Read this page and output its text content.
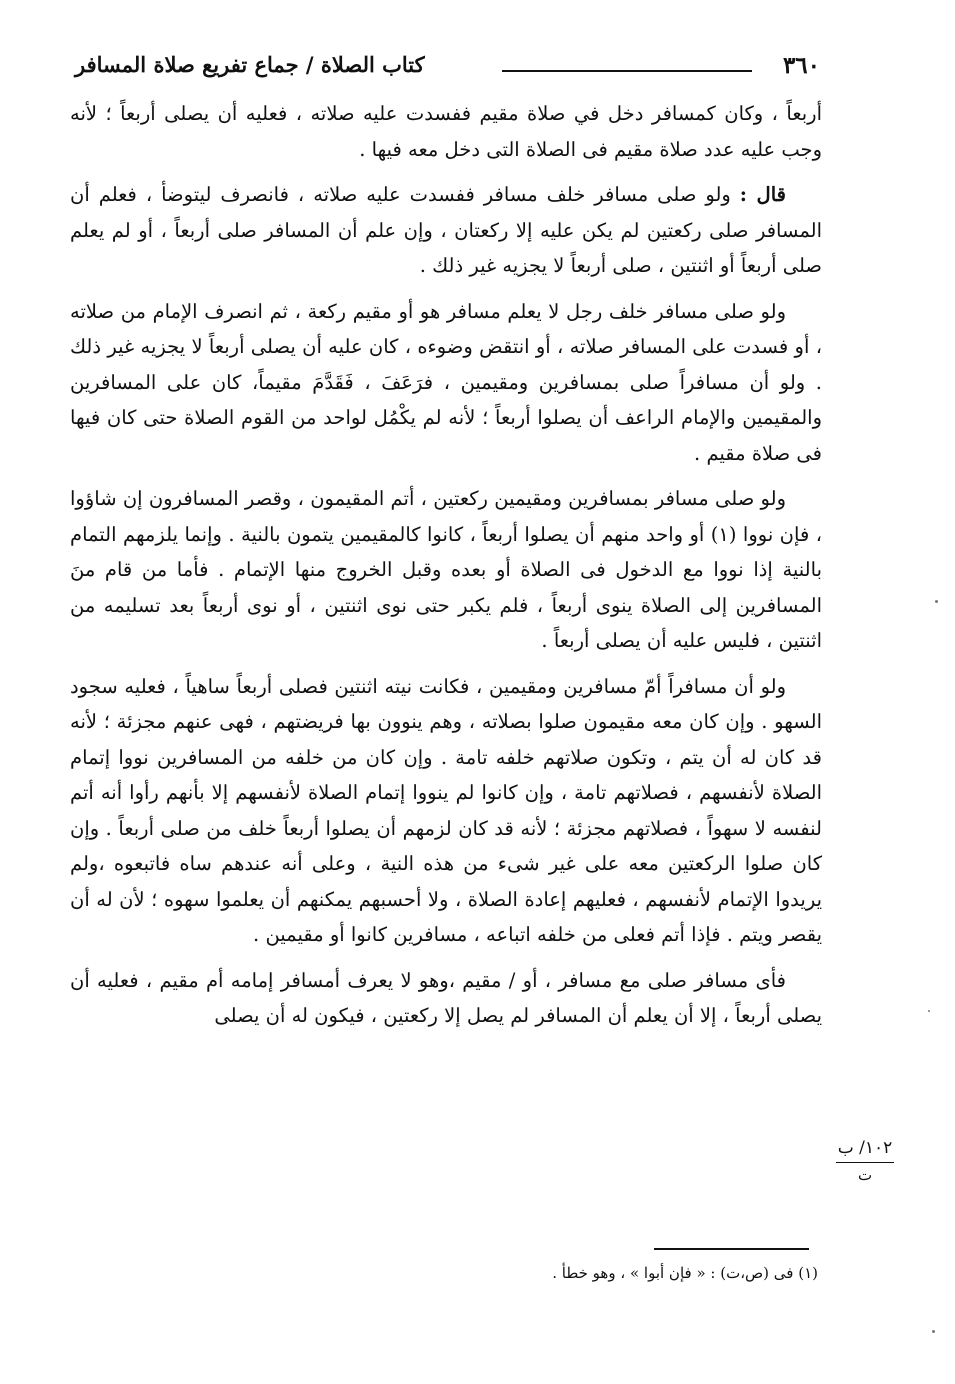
٣٦٠
كتاب الصلاة / جماع تفريع صلاة المسافر

أربعاً ، وكان كمسافر دخل في صلاة مقيم ففسدت عليه صلاته ، فعليه أن يصلى أربعاً ؛ لأنه وجب عليه عدد صلاة مقيم فى الصلاة التى دخل معه فيها .

قال : ولو صلى مسافر خلف مسافر ففسدت عليه صلاته ، فانصرف ليتوضأ ، فعلم أن المسافر صلى ركعتين لم يكن عليه إلا ركعتان ، وإن علم أن المسافر صلى أربعاً ، أو لم يعلم صلى أربعاً أو اثنتين ، صلى أربعاً لا يجزيه غير ذلك .

ولو صلى مسافر خلف رجل لا يعلم مسافر هو أو مقيم ركعة ، ثم انصرف الإمام من صلاته ، أو فسدت على المسافر صلاته ، أو انتقض وضوءه ، كان عليه أن يصلى أربعاً لا يجزيه غير ذلك . ولو أن مسافراً صلى بمسافرين ومقيمين ، فرَعَفَ ، فَقَدَّمَ مقيماً، كان على المسافرين والمقيمين والإمام الراعف أن يصلوا أربعاً ؛ لأنه لم يكْمُل لواحد من القوم الصلاة حتى كان فيها فى صلاة مقيم .

ولو صلى مسافر بمسافرين ومقيمين ركعتين ، أتم المقيمون ، وقصر المسافرون إن شاؤوا ، فإن نووا (١) أو واحد منهم أن يصلوا أربعاً ، كانوا كالمقيمين يتمون بالنية . وإنما يلزمهم التمام بالنية إذا نووا مع الدخول فى الصلاة أو بعده وقبل الخروج منها الإتمام . فأما من قام منَ المسافرين إلى الصلاة ينوى أربعاً ، فلم يكبر حتى نوى اثنتين ، أو نوى أربعاً بعد تسليمه من اثنتين ، فليس عليه أن يصلى أربعاً .

ولو أن مسافراً أمّ مسافرين ومقيمين ، فكانت نيته اثنتين فصلى أربعاً ساهياً ، فعليه سجود السهو . وإن كان معه مقيمون صلوا بصلاته ، وهم ينوون بها فريضتهم ، فهى عنهم مجزئة ؛ لأنه قد كان له أن يتم ، وتكون صلاتهم خلفه تامة . وإن كان من خلفه من المسافرين نووا إتمام الصلاة لأنفسهم ، فصلاتهم تامة ، وإن كانوا لم ينووا إتمام الصلاة لأنفسهم إلا بأنهم رأوا أنه أتم لنفسه لا سهواً ، فصلاتهم مجزئة ؛ لأنه قد كان لزمهم أن يصلوا أربعاً خلف من صلى أربعاً . وإن كان صلوا الركعتين معه على غير شىء من هذه النية ، وعلى أنه عندهم ساه فاتبعوه ،ولم يريدوا الإتمام لأنفسهم ، فعليهم إعادة الصلاة ، ولا أحسبهم يمكنهم أن يعلموا سهوه ؛ لأن له أن يقصر ويتم . فإذا أتم فعلى من خلفه اتباعه ، مسافرين كانوا أو مقيمين .

فأى مسافر صلى مع مسافر ، أو / مقيم ،وهو لا يعرف أمسافر إمامه أم مقيم ، فعليه أن يصلى أربعاً ، إلا أن يعلم أن المسافر لم يصل إلا ركعتين ، فيكون له أن يصلى

١٠٢/ ب
ت
(١) فى (ص،ت) : « فإن أبوا » ، وهو خطأ .
